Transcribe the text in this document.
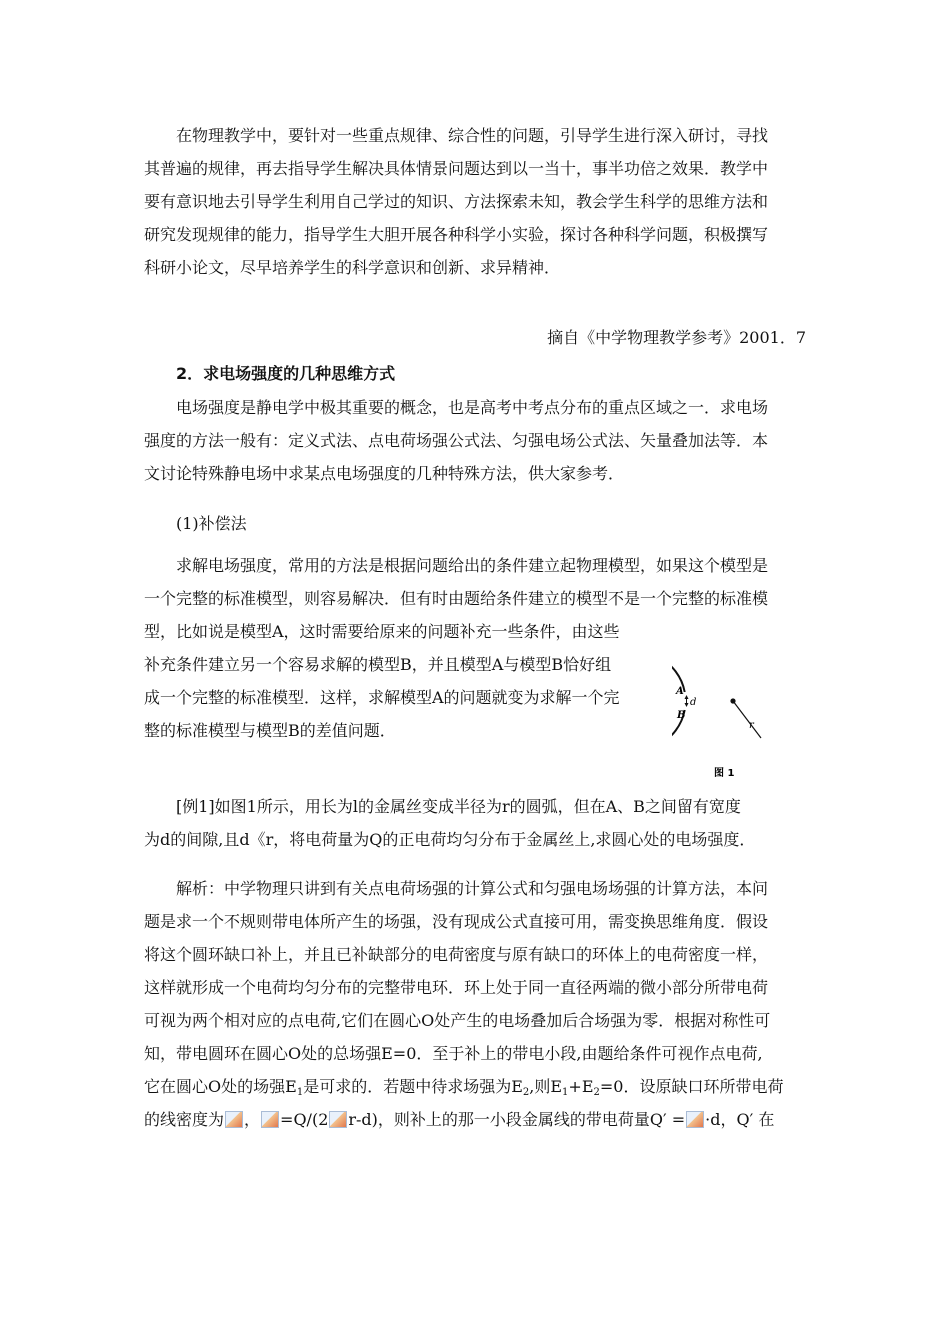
在物理教学中，要针对一些重点规律、综合性的问题，引导学生进行深入研讨，寻找
其普遍的规律，再去指导学生解决具体情景问题达到以一当十，事半功倍之效果．教学中
要有意识地去引导学生利用自己学过的知识、方法探索未知，教会学生科学的思维方法和
研究发现规律的能力，指导学生大胆开展各种科学小实验，探讨各种科学问题，积极撰写
科研小论文，尽早培养学生的科学意识和创新、求异精神．
摘自《中学物理教学参考》2001．7
2．求电场强度的几种思维方式
电场强度是静电学中极其重要的概念，也是高考中考点分布的重点区域之一．求电场
强度的方法一般有：定义式法、点电荷场强公式法、匀强电场公式法、矢量叠加法等．本
文讨论特殊静电场中求某点电场强度的几种特殊方法，供大家参考．
(1)补偿法
求解电场强度，常用的方法是根据问题给出的条件建立起物理模型，如果这个模型是
一个完整的标准模型，则容易解决．但有时由题给条件建立的模型不是一个完整的标准模
型，比如说是模型A，这时需要给原来的问题补充一些条件，由这些
补充条件建立另一个容易求解的模型B，并且模型A与模型B恰好组
成一个完整的标准模型．这样，求解模型A的问题就变为求解一个完
整的标准模型与模型B的差值问题．
A
B
d
r
图 1
[例1]如图1所示，用长为l的金属丝变成半径为r的圆弧，但在A、B之间留有宽度
为d的间隙,且d《r，将电荷量为Q的正电荷均匀分布于金属丝上,求圆心处的电场强度．
解析：中学物理只讲到有关点电荷场强的计算公式和匀强电场场强的计算方法，本问
题是求一个不规则带电体所产生的场强，没有现成公式直接可用，需变换思维角度．假设
将这个圆环缺口补上，并且已补缺部分的电荷密度与原有缺口的环体上的电荷密度一样，
这样就形成一个电荷均匀分布的完整带电环．环上处于同一直径两端的微小部分所带电荷
可视为两个相对应的点电荷,它们在圆心O处产生的电场叠加后合场强为零．根据对称性可
知，带电圆环在圆心O处的总场强E=0．至于补上的带电小段,由题给条件可视作点电荷,
它在圆心O处的场强$E_1$是可求的．若题中待求场强为$E_2$,则$E_1+E_2=0$．设原缺口环所带电荷
的线密度为 ， =Q/(2 r-d)，则补上的那一小段金属线的带电荷量Q′ = ·d，Q′ 在
